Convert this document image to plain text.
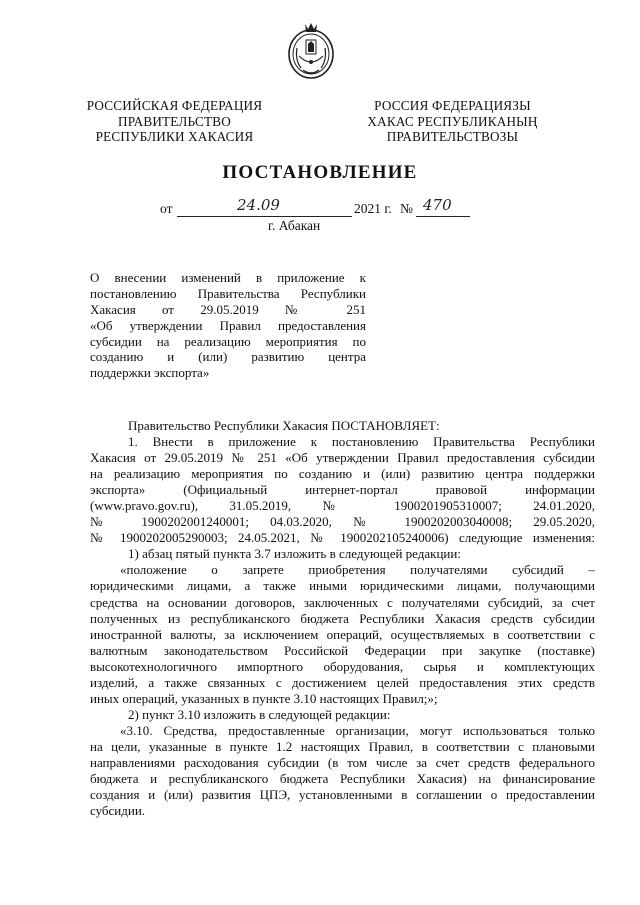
РОССИЙСКАЯ ФЕДЕРАЦИЯ
ПРАВИТЕЛЬСТВО
РЕСПУБЛИКИ ХАКАСИЯ
РОССИЯ ФЕДЕРАЦИЯЗЫ
ХАКАС РЕСПУБЛИКАНЫҢ
ПРАВИТЕЛЬСТВОЗЫ
ПОСТАНОВЛЕНИЕ
от	24.09	2021 г. № 470
г. Абакан
О внесении изменений в приложение к
постановлению Правительства Республики
Хакасия от 29.05.2019 № 251
«Об утверждении Правил предоставления
субсидии на реализацию мероприятия по
созданию и (или) развитию центра
поддержки экспорта»
Правительство Республики Хакасия ПОСТАНОВЛЯЕТ:
1. Внести в приложение к постановлению Правительства Республики
Хакасия от 29.05.2019 № 251 «Об утверждении Правил предоставления субсидии
на реализацию мероприятия по созданию и (или) развитию центра поддержки
экспорта» (Официальный интернет-портал правовой информации
(www.pravo.gov.ru), 31.05.2019, № 1900201905310007; 24.01.2020,
№ 1900202001240001; 04.03.2020, № 1900202003040008; 29.05.2020,
№ 1900202005290003; 24.05.2021, № 1900202105240006) следующие изменения:
1) абзац пятый пункта 3.7 изложить в следующей редакции:
«положение о запрете приобретения получателями субсидий –
юридическими лицами, а также иными юридическими лицами, получающими
средства на основании договоров, заключенных с получателями субсидий, за счет
полученных из республиканского бюджета Республики Хакасия средств субсидии
иностранной валюты, за исключением операций, осуществляемых в соответствии с
валютным законодательством Российской Федерации при закупке (поставке)
высокотехнологичного импортного оборудования, сырья и комплектующих
изделий, а также связанных с достижением целей предоставления этих средств
иных операций, указанных в пункте 3.10 настоящих Правил;»;
2) пункт 3.10 изложить в следующей редакции:
«3.10. Средства, предоставленные организации, могут использоваться только
на цели, указанные в пункте 1.2 настоящих Правил, в соответствии с плановыми
направлениями расходования субсидии (в том числе за счет средств федерального
бюджета и республиканского бюджета Республики Хакасия) на финансирование
создания и (или) развития ЦПЭ, установленными в соглашении о предоставлении
субсидии.
